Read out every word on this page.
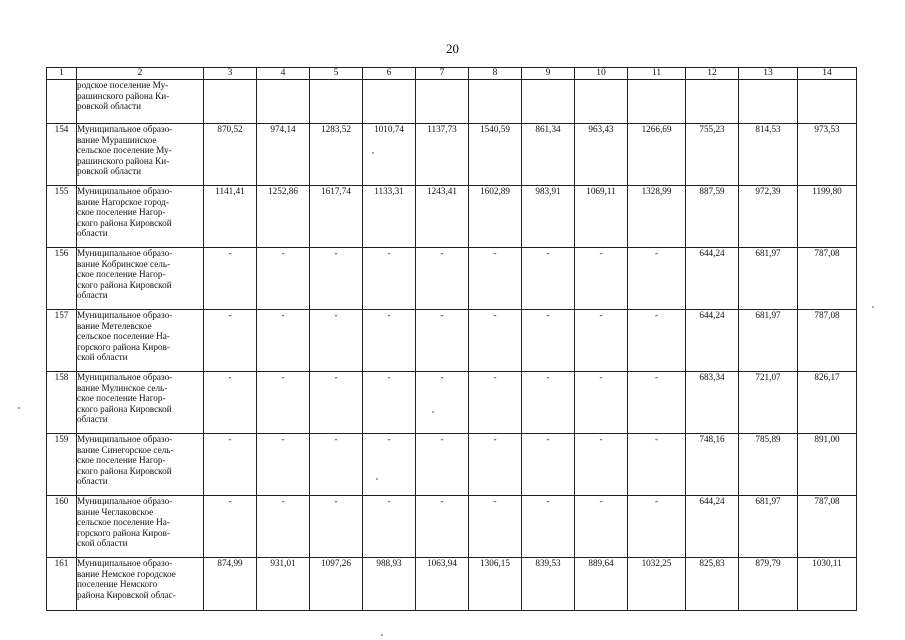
20
1	2	3	4	5	6	7	8	9	10	11	12	13	14
	родское поселение Му-
рашинского района Ки-
ровской области												
154	Муниципальное образо-
вание Мурашинское
сельское поселение Му-
рашинского района Ки-
ровской области	870,52	974,14	1283,52	1010,74	1137,73	1540,59	861,34	963,43	1266,69	755,23	814,53	973,53
155	Муниципальное образо-
вание Нагорское город-
ское поселение Нагор-
ского района Кировской
области	1141,41	1252,86	1617,74	1133,31	1243,41	1602,89	983,91	1069,11	1328,99	887,59	972,39	1199,80
156	Муниципальное образо-
вание Кобринское сель-
ское поселение Нагор-
ского района Кировской
области	-	-	-	-	-	-	-	-	-	644,24	681,97	787,08
157	Муниципальное образо-
вание Метелевское
сельское поселение На-
горского района Киров-
ской области	-	-	-	-	-	-	-	-	-	644,24	681,97	787,08
158	Муниципальное образо-
вание Мулинское сель-
ское поселение Нагор-
ского района Кировской
области	-	-	-	-	-	-	-	-	-	683,34	721,07	826,17
159	Муниципальное образо-
вание Синегорское сель-
ское поселение Нагор-
ского района Кировской
области	-	-	-	-	-	-	-	-	-	748,16	785,89	891,00
160	Муниципальное образо-
вание Чеглаковское
сельское поселение На-
горского района Киров-
ской области	-	-	-	-	-	-	-	-	-	644,24	681,97	787,08
161	Муниципальное образо-
вание Немское городское
поселение Немского
района Кировской облас-	874,99	931,01	1097,26	988,93	1063,94	1306,15	839,53	889,64	1032,25	825,83	879,79	1030,11
